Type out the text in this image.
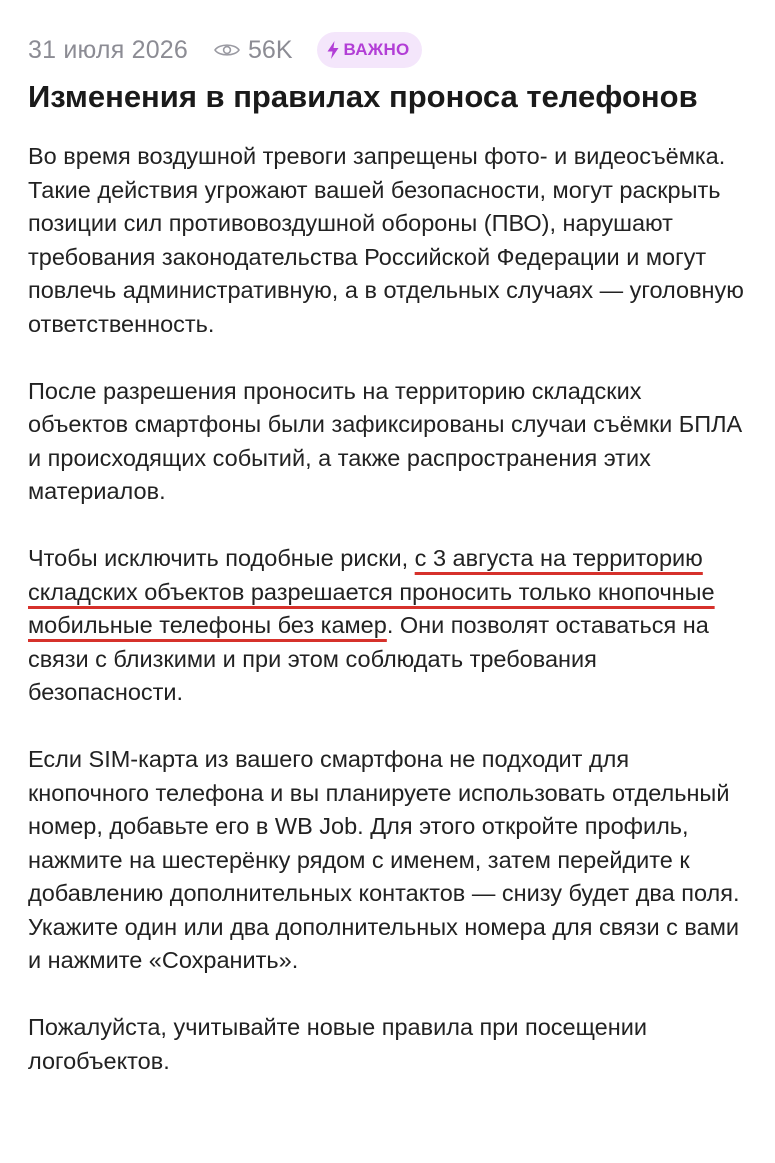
31 июля 2026 56K	ВАЖНО
Изменения в правилах проноса телефонов

Во время воздушной тревоги запрещены фото- и видеосъёмка. Такие действия угрожают вашей безопасности, могут раскрыть позиции сил противовоздушной обороны (ПВО), нарушают требования законодательства Российской Федерации и могут повлечь административную, а в отдельных случаях — уголовную ответственность.

После разрешения проносить на территорию складских объектов смартфоны были зафиксированы случаи съёмки БПЛА и происходящих событий, а также распространения этих материалов.

Чтобы исключить подобные риски, с 3 августа на территорию складских объектов разрешается проносить только кнопочные мобильные телефоны без камер. Они позволят оставаться на связи с близкими и при этом соблюдать требования безопасности.

Если SIM-карта из вашего смартфона не подходит для кнопочного телефона и вы планируете использовать отдельный номер, добавьте его в WB Job. Для этого откройте профиль, нажмите на шестерёнку рядом с именем, затем перейдите к добавлению дополнительных контактов — снизу будет два поля. Укажите один или два дополнительных номера для связи с вами и нажмите «Сохранить».

Пожалуйста, учитывайте новые правила при посещении логобъектов.
